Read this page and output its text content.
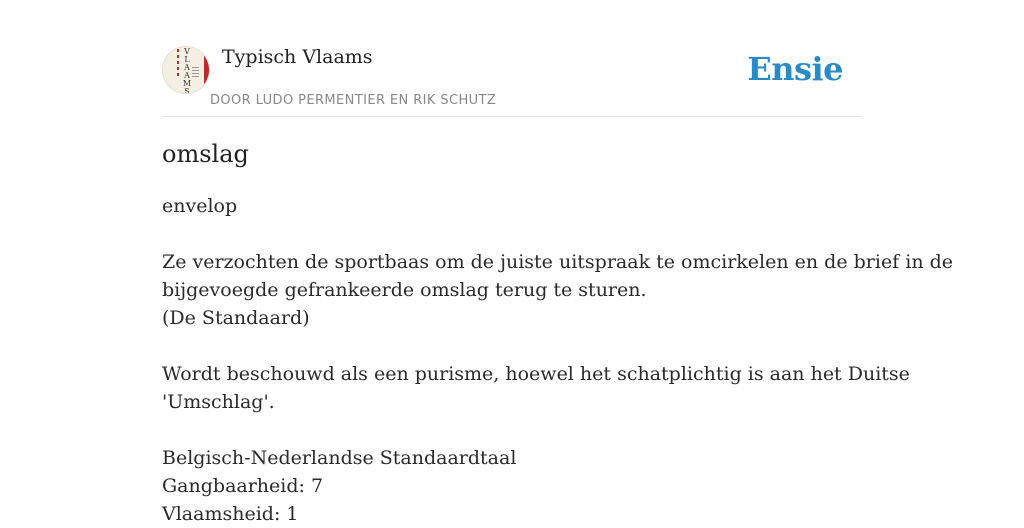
V
L
A
A
M
S
Typisch Vlaams
DOOR LUDO PERMENTIER EN RIK SCHUTZ
Ensie
omslag
envelop
Ze verzochten de sportbaas om de juiste uitspraak te omcirkelen en de brief in de
bijgevoegde gefrankeerde omslag terug te sturen.
(De Standaard)
Wordt beschouwd als een purisme, hoewel het schatplichtig is aan het Duitse
'Umschlag'.
Belgisch-Nederlandse Standaardtaal
Gangbaarheid: 7
Vlaamsheid: 1
